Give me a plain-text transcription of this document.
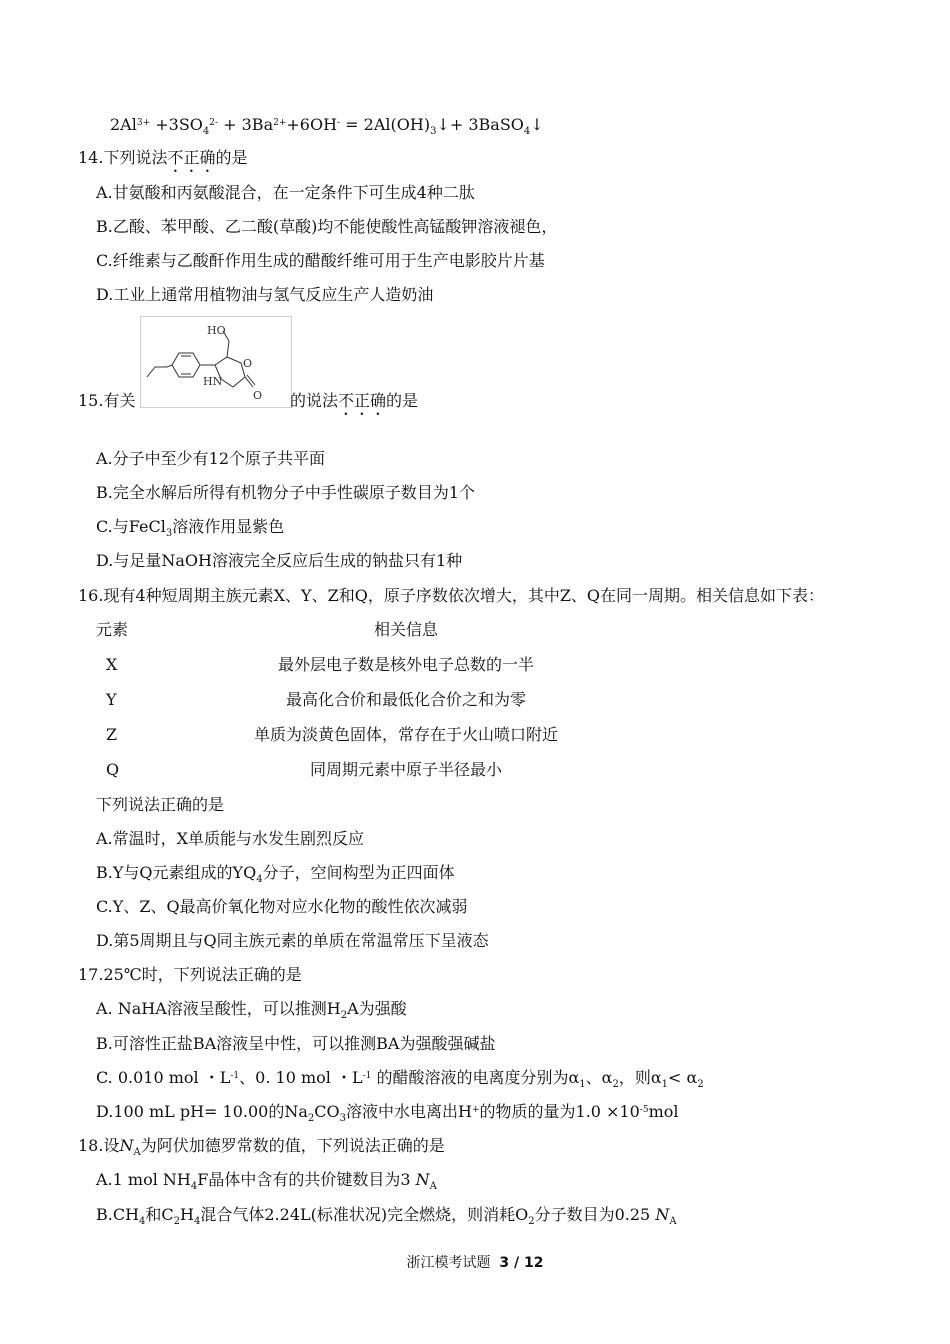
$2Al^{3+} +3SO_4^{2-} + 3Ba^{2+}+6OH^-$ = $2Al(OH)_3↓+$ 3BaSO$_4$↓
14.下列说法不正确的是
A.甘氨酸和丙氨酸混合，在一定条件下可生成4种二肽
B.乙酸、苯甲酸、乙二酸(草酸)均不能使酸性高锰酸钾溶液褪色，
C.纤维素与乙酸酐作用生成的醋酸纤维可用于生产电影胶片片基
D.工业上通常用植物油与氢气反应生产人造奶油
HO
HN
O
O
15.有关	的说法不正确的是
A.分子中至少有12个原子共平面
B.完全水解后所得有机物分子中手性碳原子数目为1个
C.与FeCl$_3$溶液作用显紫色
D.与足量NaOH溶液完全反应后生成的钠盐只有1种
16.现有4种短周期主族元素X、Y、Z和Q，原子序数依次增大，其中Z、Q在同一周期。相关信息如下表：
元素	相关信息
X	最外层电子数是核外电子总数的一半
Y	最高化合价和最低化合价之和为零
Z	单质为淡黄色固体，常存在于火山喷口附近
Q	同周期元素中原子半径最小
下列说法正确的是
A.常温时，X单质能与水发生剧烈反应
B.Y与Q元素组成的$YQ_4$分子，空间构型为正四面体
C.Y、Z、Q最高价氧化物对应水化物的酸性依次减弱
D.第5周期且与Q同主族元素的单质在常温常压下呈液态
17.25℃时，下列说法正确的是
A. NaHA溶液呈酸性，可以推测$H_2A$为强酸
B.可溶性正盐BA溶液呈中性，可以推测BA为强酸强碱盐
C. 0.010 mol ・$L^{-1}$、0. 10 mol ・$L^{-1}$ 的醋酸溶液的电离度分别为$\alpha_1$、$\alpha_2$，则$\alpha_1< \alpha_2$
D.100 mL pH= 10.00的$Na_2CO_3$溶液中水电离出H+的物质的量为$1.0 \times 10^{-5}mol$
18.设$N_A$为阿伏加德罗常数的值，下列说法正确的是
A.1 mol $NH_4F$晶体中含有的共价键数目为3 $N_A$
$B.CH_4$和$C_2H_4$混合气体2.24L(标准状况)完全燃烧，则消耗$O_2$分子数目为0.25 $N_A$
浙江模考试题 3 / 12
